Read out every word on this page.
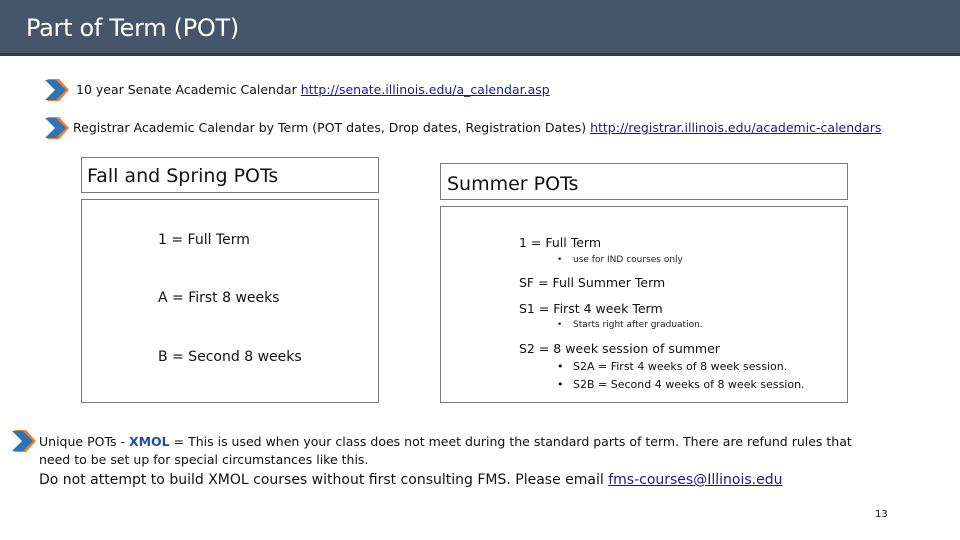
Part of Term (POT)
10 year Senate Academic Calendar http://senate.illinois.edu/a_calendar.asp
Registrar Academic Calendar by Term (POT dates, Drop dates, Registration Dates) http://registrar.illinois.edu/academic-calendars
Fall and Spring POTs
1 = Full Term
A = First 8 weeks
B = Second 8 weeks
Summer POTs
1 = Full Term
• use for IND courses only
SF = Full Summer Term
S1 = First 4 week Term
• Starts right after graduation.
S2 = 8 week session of summer
• S2A = First 4 weeks of 8 week session.
• S2B = Second 4 weeks of 8 week session.
Unique POTs - XMOL = This is used when your class does not meet during the standard parts of term. There are refund rules that
need to be set up for special circumstances like this.
Do not attempt to build XMOL courses without first consulting FMS. Please email fms-courses@Illinois.edu
13
